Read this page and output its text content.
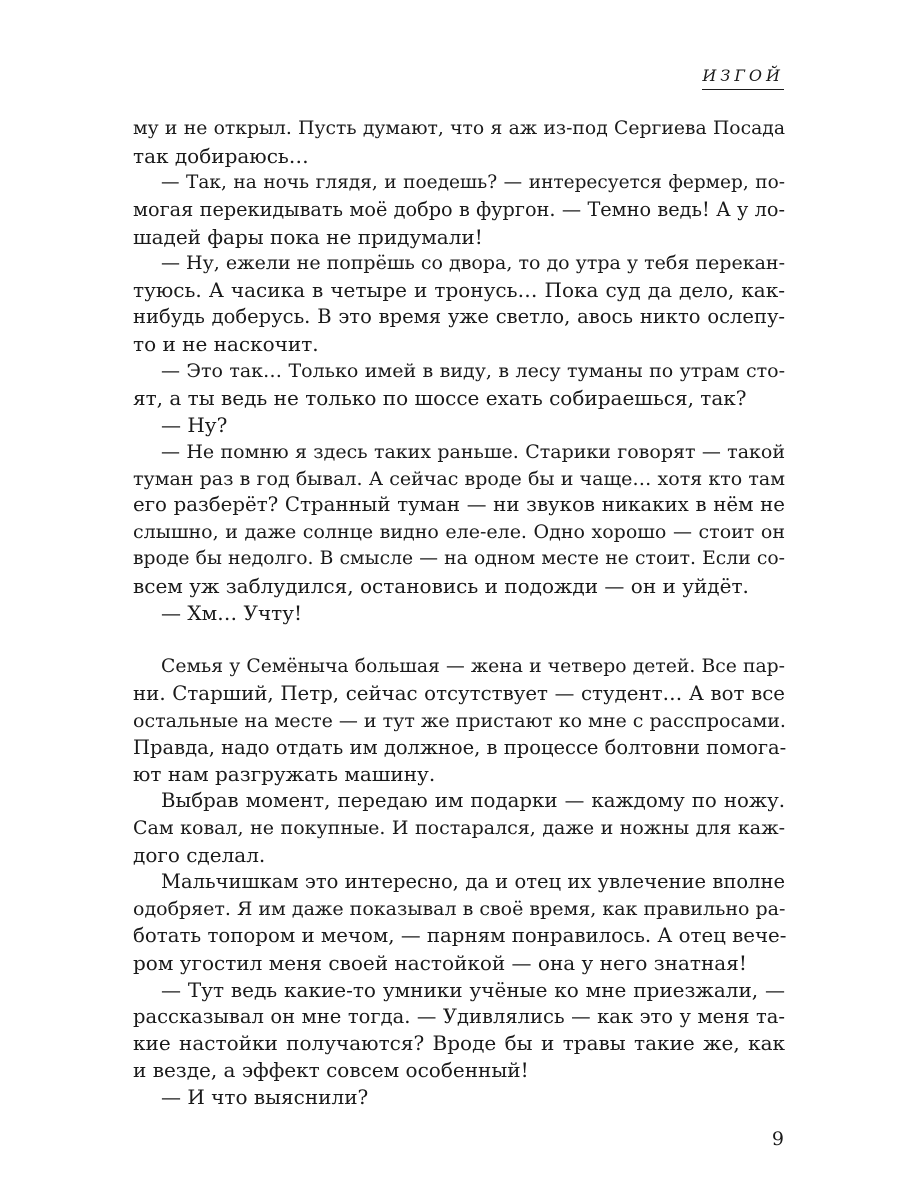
ИЗГОЙ
му и не открыл. Пусть думают, что я аж из-под Сергиева Посада
так добираюсь…
— Так, на ночь глядя, и поедешь? — интересуется фермер, по-
могая перекидывать моё добро в фургон. — Темно ведь! А у ло-
шадей фары пока не придумали!
— Ну, ежели не попрёшь со двора, то до утра у тебя перекан-
туюсь. А часика в четыре и тронусь… Пока суд да дело, как-
нибудь доберусь. В это время уже светло, авось никто ослепу-
то и не наскочит.
— Это так… Только имей в виду, в лесу туманы по утрам сто-
ят, а ты ведь не только по шоссе ехать собираешься, так?
— Ну?
— Не помню я здесь таких раньше. Старики говорят — такой
туман раз в год бывал. А сейчас вроде бы и чаще… хотя кто там
его разберёт? Странный туман — ни звуков никаких в нём не
слышно, и даже солнце видно еле-еле. Одно хорошо — стоит он
вроде бы недолго. В смысле — на одном месте не стоит. Если со-
всем уж заблудился, остановись и подожди — он и уйдёт.
— Хм… Учту!
Семья у Семёныча большая — жена и четверо детей. Все пар-
ни. Старший, Петр, сейчас отсутствует — студент… А вот все
остальные на месте — и тут же пристают ко мне с расспросами.
Правда, надо отдать им должное, в процессе болтовни помога-
ют нам разгружать машину.
Выбрав момент, передаю им подарки — каждому по ножу.
Сам ковал, не покупные. И постарался, даже и ножны для каж-
дого сделал.
Мальчишкам это интересно, да и отец их увлечение вполне
одобряет. Я им даже показывал в своё время, как правильно ра-
ботать топором и мечом, — парням понравилось. А отец вече-
ром угостил меня своей настойкой — она у него знатная!
— Тут ведь какие-то умники учёные ко мне приезжали, —
рассказывал он мне тогда. — Удивлялись — как это у меня та-
кие настойки получаются? Вроде бы и травы такие же, как
и везде, а эффект совсем особенный!
— И что выяснили?
9
